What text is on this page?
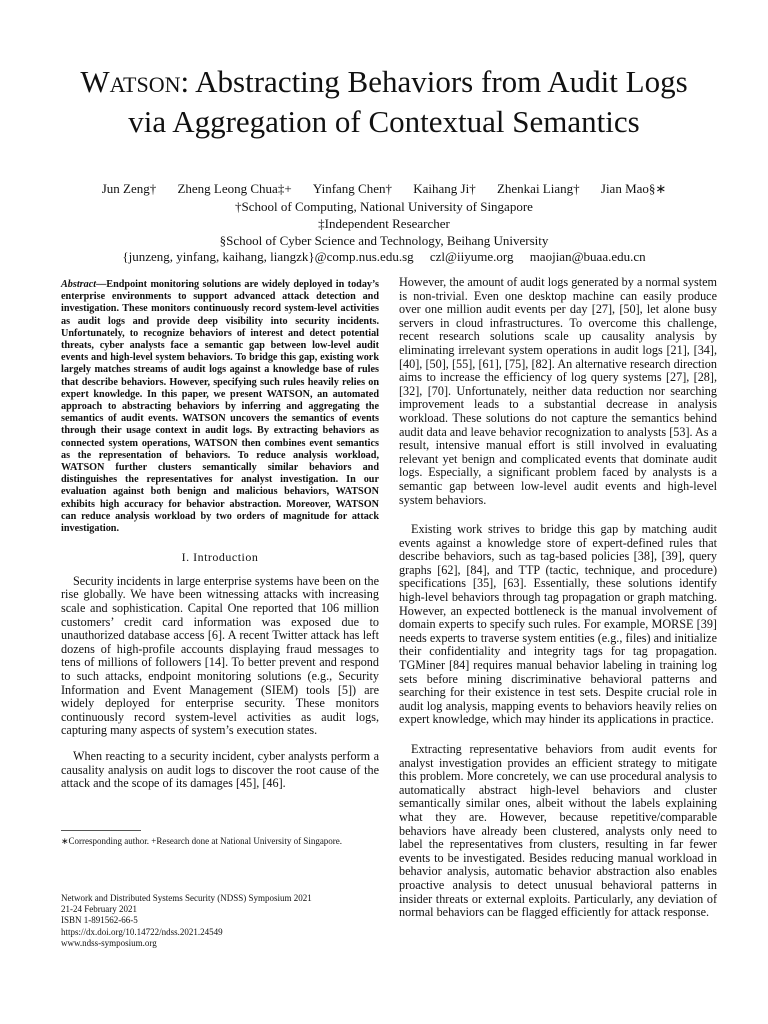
Watson: Abstracting Behaviors from Audit Logs
via Aggregation of Contextual Semantics
Jun Zeng† Zheng Leong Chua‡+ Yinfang Chen† Kaihang Ji† Zhenkai Liang† Jian Mao§∗
†School of Computing, National University of Singapore
‡Independent Researcher
§School of Cyber Science and Technology, Beihang University
{junzeng, yinfang, kaihang, liangzk}@comp.nus.edu.sg     czl@iiyume.org     maojian@buaa.edu.cn
Abstract—Endpoint monitoring solutions are widely deployed in today’s enterprise environments to support advanced attack detection and investigation. These monitors continuously record system-level activities as audit logs and provide deep visibility into security incidents. Unfortunately, to recognize behaviors of interest and detect potential threats, cyber analysts face a semantic gap between low-level audit events and high-level system behaviors. To bridge this gap, existing work largely matches streams of audit logs against a knowledge base of rules that describe behaviors. However, specifying such rules heavily relies on expert knowledge. In this paper, we present WATSON, an automated approach to abstracting behaviors by inferring and aggregating the semantics of audit events. WATSON uncovers the semantics of events through their usage context in audit logs. By extracting behaviors as connected system operations, WATSON then combines event semantics as the representation of behaviors. To reduce analysis workload, WATSON further clusters semantically similar behaviors and distinguishes the representatives for analyst investigation. In our evaluation against both benign and malicious behaviors, WATSON exhibits high accuracy for behavior abstraction. Moreover, WATSON can reduce analysis workload by two orders of magnitude for attack investigation.
I. Introduction

Security incidents in large enterprise systems have been on the rise globally. We have been witnessing attacks with increasing scale and sophistication. Capital One reported that 106 million customers’ credit card information was exposed due to unauthorized database access [6]. A recent Twitter attack has left dozens of high-profile accounts displaying fraud messages to tens of millions of followers [14]. To better prevent and respond to such attacks, endpoint monitoring solutions (e.g., Security Information and Event Management (SIEM) tools [5]) are widely deployed for enterprise security. These monitors continuously record system-level activities as audit logs, capturing many aspects of system’s execution states.

When reacting to a security incident, cyber analysts perform a causality analysis on audit logs to discover the root cause of the attack and the scope of its damages [45], [46].

∗Corresponding author. +Research done at National University of Singapore.
Network and Distributed Systems Security (NDSS) Symposium 2021
21-24 February 2021
ISBN 1-891562-66-5
https://dx.doi.org/10.14722/ndss.2021.24549
www.ndss-symposium.org

However, the amount of audit logs generated by a normal system is non-trivial. Even one desktop machine can easily produce over one million audit events per day [27], [50], let alone busy servers in cloud infrastructures. To overcome this challenge, recent research solutions scale up causality analysis by eliminating irrelevant system operations in audit logs [21], [34], [40], [50], [55], [61], [75], [82]. An alternative research direction aims to increase the efficiency of log query systems [27], [28], [32], [70]. Unfortunately, neither data reduction nor searching improvement leads to a substantial decrease in analysis workload. These solutions do not capture the semantics behind audit data and leave behavior recognization to analysts [53]. As a result, intensive manual effort is still involved in evaluating relevant yet benign and complicated events that dominate audit logs. Especially, a significant problem faced by analysts is a semantic gap between low-level audit events and high-level system behaviors.

Existing work strives to bridge this gap by matching audit events against a knowledge store of expert-defined rules that describe behaviors, such as tag-based policies [38], [39], query graphs [62], [84], and TTP (tactic, technique, and procedure) specifications [35], [63]. Essentially, these solutions identify high-level behaviors through tag propagation or graph matching. However, an expected bottleneck is the manual involvement of domain experts to specify such rules. For example, MORSE [39] needs experts to traverse system entities (e.g., files) and initialize their confidentiality and integrity tags for tag propagation. TGMiner [84] requires manual behavior labeling in training log sets before mining discriminative behavioral patterns and searching for their existence in test sets. Despite crucial role in audit log analysis, mapping events to behaviors heavily relies on expert knowledge, which may hinder its applications in practice.

Extracting representative behaviors from audit events for analyst investigation provides an efficient strategy to mitigate this problem. More concretely, we can use procedural analysis to automatically abstract high-level behaviors and cluster semantically similar ones, albeit without the labels explaining what they are. However, because repetitive/comparable behaviors have already been clustered, analysts only need to label the representatives from clusters, resulting in far fewer events to be investigated. Besides reducing manual workload in behavior analysis, automatic behavior abstraction also enables proactive analysis to detect unusual behavioral patterns in insider threats or external exploits. Particularly, any deviation of normal behaviors can be flagged efficiently for attack response.
